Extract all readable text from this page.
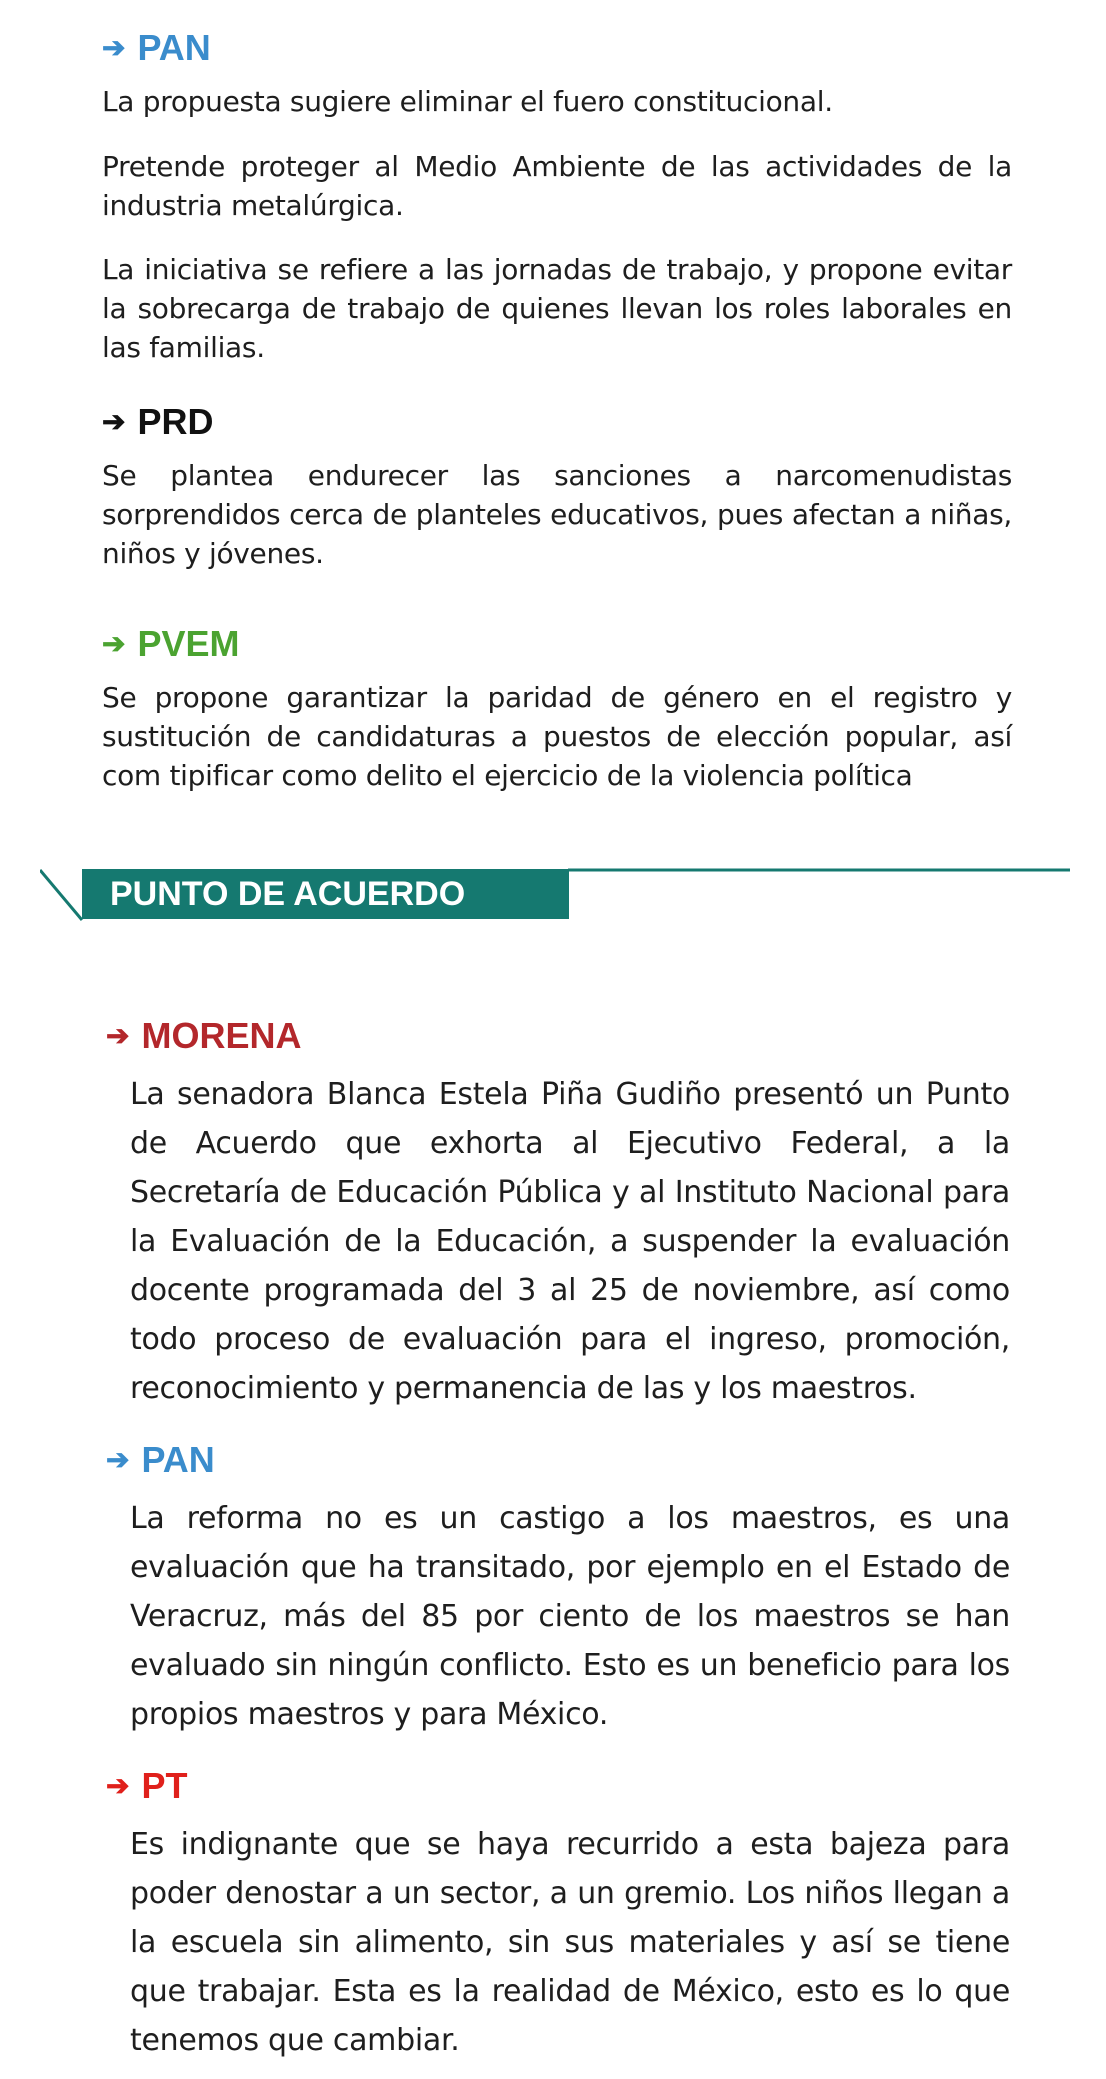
➔ PAN

La propuesta sugiere eliminar el fuero constitucional.

Pretende proteger al Medio Ambiente de las actividades de la industria metalúrgica.

La iniciativa se refiere a las jornadas de trabajo, y propone evitar la sobrecarga de trabajo de quienes llevan los roles laborales en las familias.

➔ PRD

Se plantea endurecer las sanciones a narcomenudistas sorprendidos cerca de planteles educativos, pues afectan a niñas, niños y jóvenes.

➔ PVEM

Se propone garantizar la paridad de género en el registro y sustitución de candidaturas a puestos de elección popular, así com tipificar como delito el ejercicio de la violencia política

PUNTO DE ACUERDO
➔ MORENA

La senadora Blanca Estela Piña Gudiño presentó un Punto de Acuerdo que exhorta al Ejecutivo Federal, a la Secretaría de Educación Pública y al Instituto Nacional para la Evaluación de la Educación, a suspender la evaluación docente programada del 3 al 25 de noviembre, así como todo proceso de evaluación para el ingreso, promoción, reconocimiento y permanencia de las y los maestros.

➔ PAN

La reforma no es un castigo a los maestros, es una evaluación que ha transitado, por ejemplo en el Estado de Veracruz, más del 85 por ciento de los maestros se han evaluado sin ningún conflicto. Esto es un beneficio para los propios maestros y para México.

➔ PT

Es indignante que se haya recurrido a esta bajeza para poder denostar a un sector, a un gremio. Los niños llegan a la escuela sin alimento, sin sus materiales y así se tiene que trabajar. Esta es la realidad de México, esto es lo que tenemos que cambiar.
